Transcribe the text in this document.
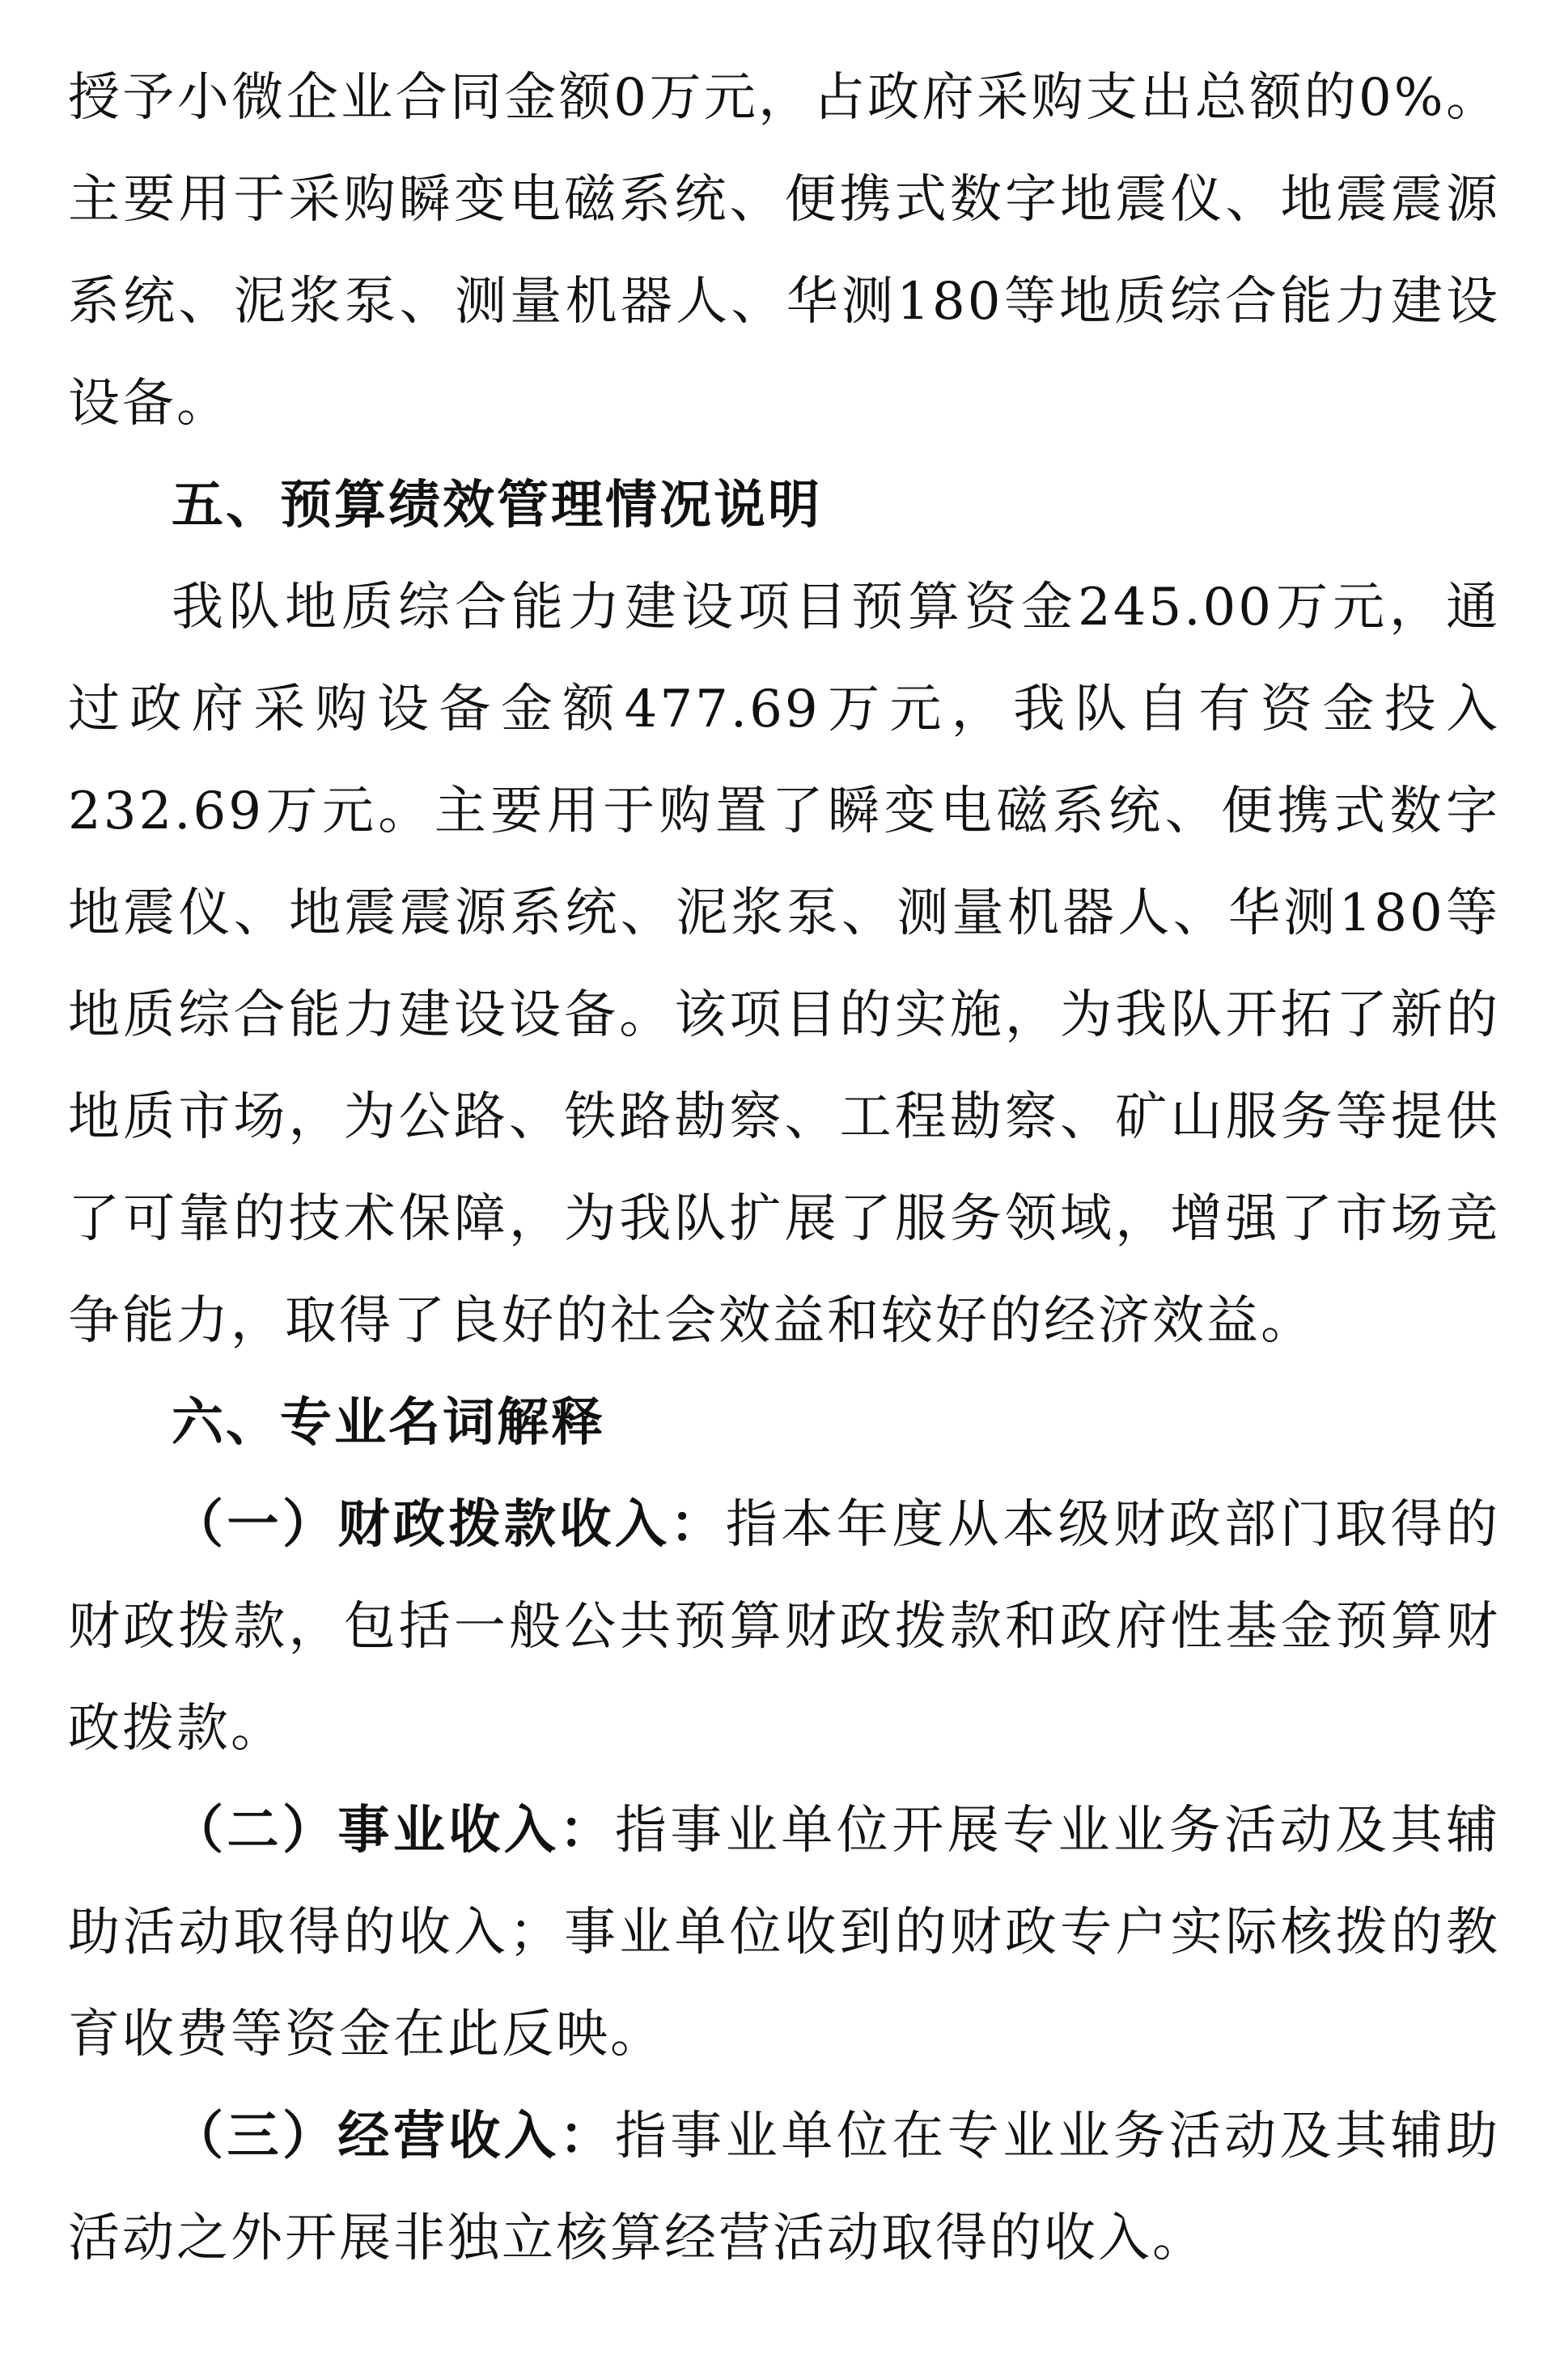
授予小微企业合同金额0万元，占政府采购支出总额的0%。主要用于采购瞬变电磁系统、便携式数字地震仪、地震震源系统、泥浆泵、测量机器人、华测180等地质综合能力建设设备。

五、预算绩效管理情况说明

我队地质综合能力建设项目预算资金245.00万元，通过政府采购设备金额477.69万元，我队自有资金投入232.69万元。主要用于购置了瞬变电磁系统、便携式数字地震仪、地震震源系统、泥浆泵、测量机器人、华测180等地质综合能力建设设备。该项目的实施，为我队开拓了新的地质市场，为公路、铁路勘察、工程勘察、矿山服务等提供了可靠的技术保障，为我队扩展了服务领域，增强了市场竞争能力，取得了良好的社会效益和较好的经济效益。

六、专业名词解释

（一）财政拨款收入：指本年度从本级财政部门取得的财政拨款，包括一般公共预算财政拨款和政府性基金预算财政拨款。

（二）事业收入：指事业单位开展专业业务活动及其辅助活动取得的收入；事业单位收到的财政专户实际核拨的教育收费等资金在此反映。

（三）经营收入：指事业单位在专业业务活动及其辅助活动之外开展非独立核算经营活动取得的收入。
